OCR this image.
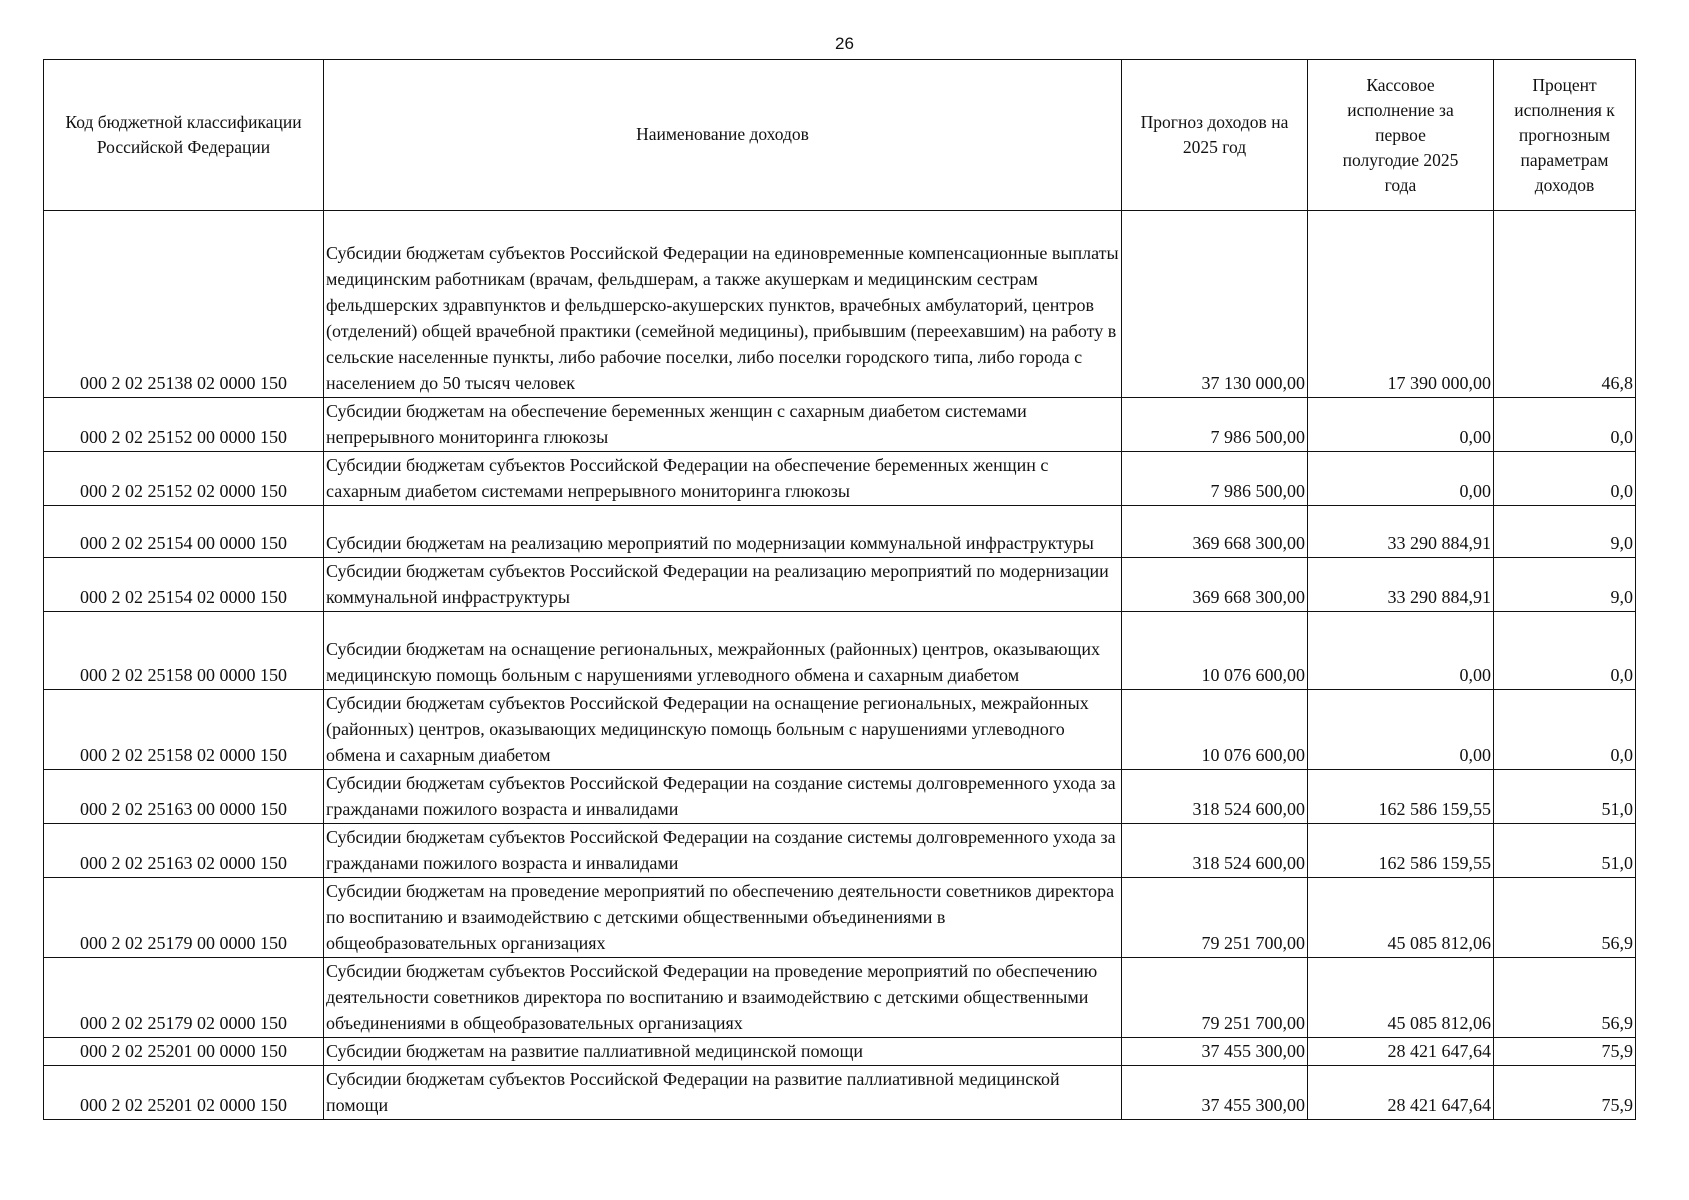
26
Код бюджетной классификации Российской Федерации	Наименование доходов	Прогноз доходов на 2025 год	Кассовое исполнение за первое полугодие 2025 года	Процент исполнения к прогнозным параметрам доходов
000 2 02 25138 02 0000 150	Субсидии бюджетам субъектов Российской Федерации на единовременные компенсационные выплаты медицинским работникам (врачам, фельдшерам, а также акушеркам и медицинским сестрам фельдшерских здравпунктов и фельдшерско-акушерских пунктов, врачебных амбулаторий, центров (отделений) общей врачебной практики (семейной медицины), прибывшим (переехавшим) на работу в сельские населенные пункты, либо рабочие поселки, либо поселки городского типа, либо города с населением до 50 тысяч человек	37 130 000,00	17 390 000,00	46,8
000 2 02 25152 00 0000 150	Субсидии бюджетам на обеспечение беременных женщин с сахарным диабетом системами непрерывного мониторинга глюкозы	7 986 500,00	0,00	0,0
000 2 02 25152 02 0000 150	Субсидии бюджетам субъектов Российской Федерации на обеспечение беременных женщин с сахарным диабетом системами непрерывного мониторинга глюкозы	7 986 500,00	0,00	0,0
000 2 02 25154 00 0000 150	Субсидии бюджетам на реализацию мероприятий по модернизации коммунальной инфраструктуры	369 668 300,00	33 290 884,91	9,0
000 2 02 25154 02 0000 150	Субсидии бюджетам субъектов Российской Федерации на реализацию мероприятий по модернизации коммунальной инфраструктуры	369 668 300,00	33 290 884,91	9,0
000 2 02 25158 00 0000 150	Субсидии бюджетам на оснащение региональных, межрайонных (районных) центров, оказывающих медицинскую помощь больным с нарушениями углеводного обмена и сахарным диабетом	10 076 600,00	0,00	0,0
000 2 02 25158 02 0000 150	Субсидии бюджетам субъектов Российской Федерации на оснащение региональных, межрайонных (районных) центров, оказывающих медицинскую помощь больным с нарушениями углеводного обмена и сахарным диабетом	10 076 600,00	0,00	0,0
000 2 02 25163 00 0000 150	Субсидии бюджетам субъектов Российской Федерации на создание системы долговременного ухода за гражданами пожилого возраста и инвалидами	318 524 600,00	162 586 159,55	51,0
000 2 02 25163 02 0000 150	Субсидии бюджетам субъектов Российской Федерации на создание системы долговременного ухода за гражданами пожилого возраста и инвалидами	318 524 600,00	162 586 159,55	51,0
000 2 02 25179 00 0000 150	Субсидии бюджетам на проведение мероприятий по обеспечению деятельности советников директора по воспитанию и взаимодействию с детскими общественными объединениями в общеобразовательных организациях	79 251 700,00	45 085 812,06	56,9
000 2 02 25179 02 0000 150	Субсидии бюджетам субъектов Российской Федерации на проведение мероприятий по обеспечению деятельности советников директора по воспитанию и взаимодействию с детскими общественными объединениями в общеобразовательных организациях	79 251 700,00	45 085 812,06	56,9
000 2 02 25201 00 0000 150	Субсидии бюджетам на развитие паллиативной медицинской помощи	37 455 300,00	28 421 647,64	75,9
000 2 02 25201 02 0000 150	Субсидии бюджетам субъектов Российской Федерации на развитие паллиативной медицинской помощи	37 455 300,00	28 421 647,64	75,9
